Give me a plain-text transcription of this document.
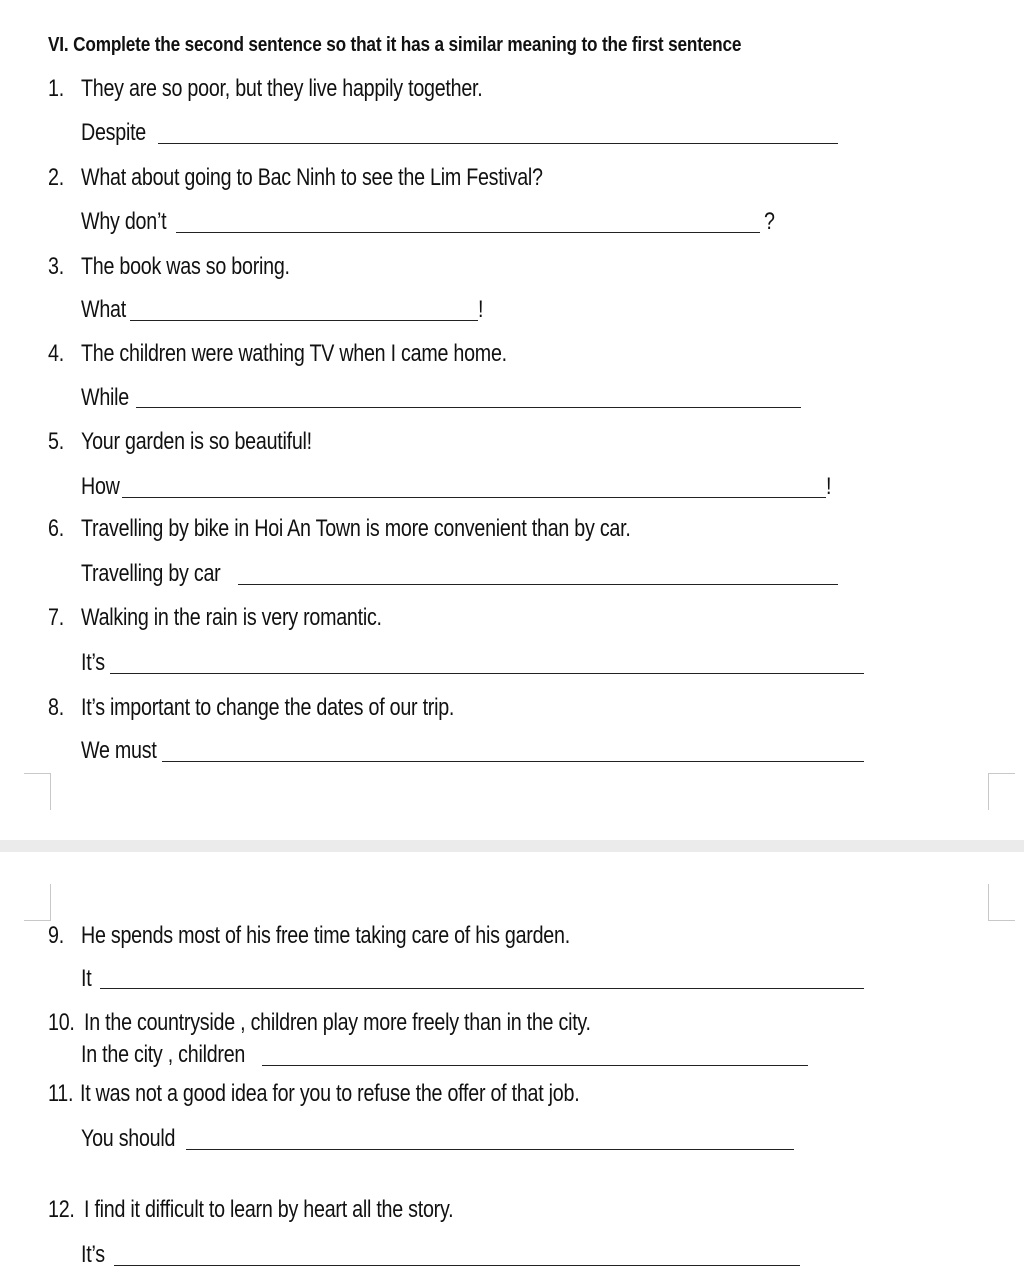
VI. Complete the second sentence so that it has a similar meaning to the first sentence
1. They are so poor, but they live happily together.
Despite
2. What about going to Bac Ninh to see the Lim Festival?
Why don’t	?
3. The book was so boring.
What	!
4. The children were wathing TV when I came home.
While
5. Your garden is so beautiful!
How	!
6. Travelling by bike in Hoi An Town is more convenient than by car.
Travelling by car
7. Walking in the rain is very romantic.
It’s
8. It’s important to change the dates of our trip.
We must
9. He spends most of his free time taking care of his garden.
It
10. In the countryside , children play more freely than in the city.
In the city , children
11. It was not a good idea for you to refuse the offer of that job.
You should
12. I find it difficult to learn by heart all the story.
It’s
